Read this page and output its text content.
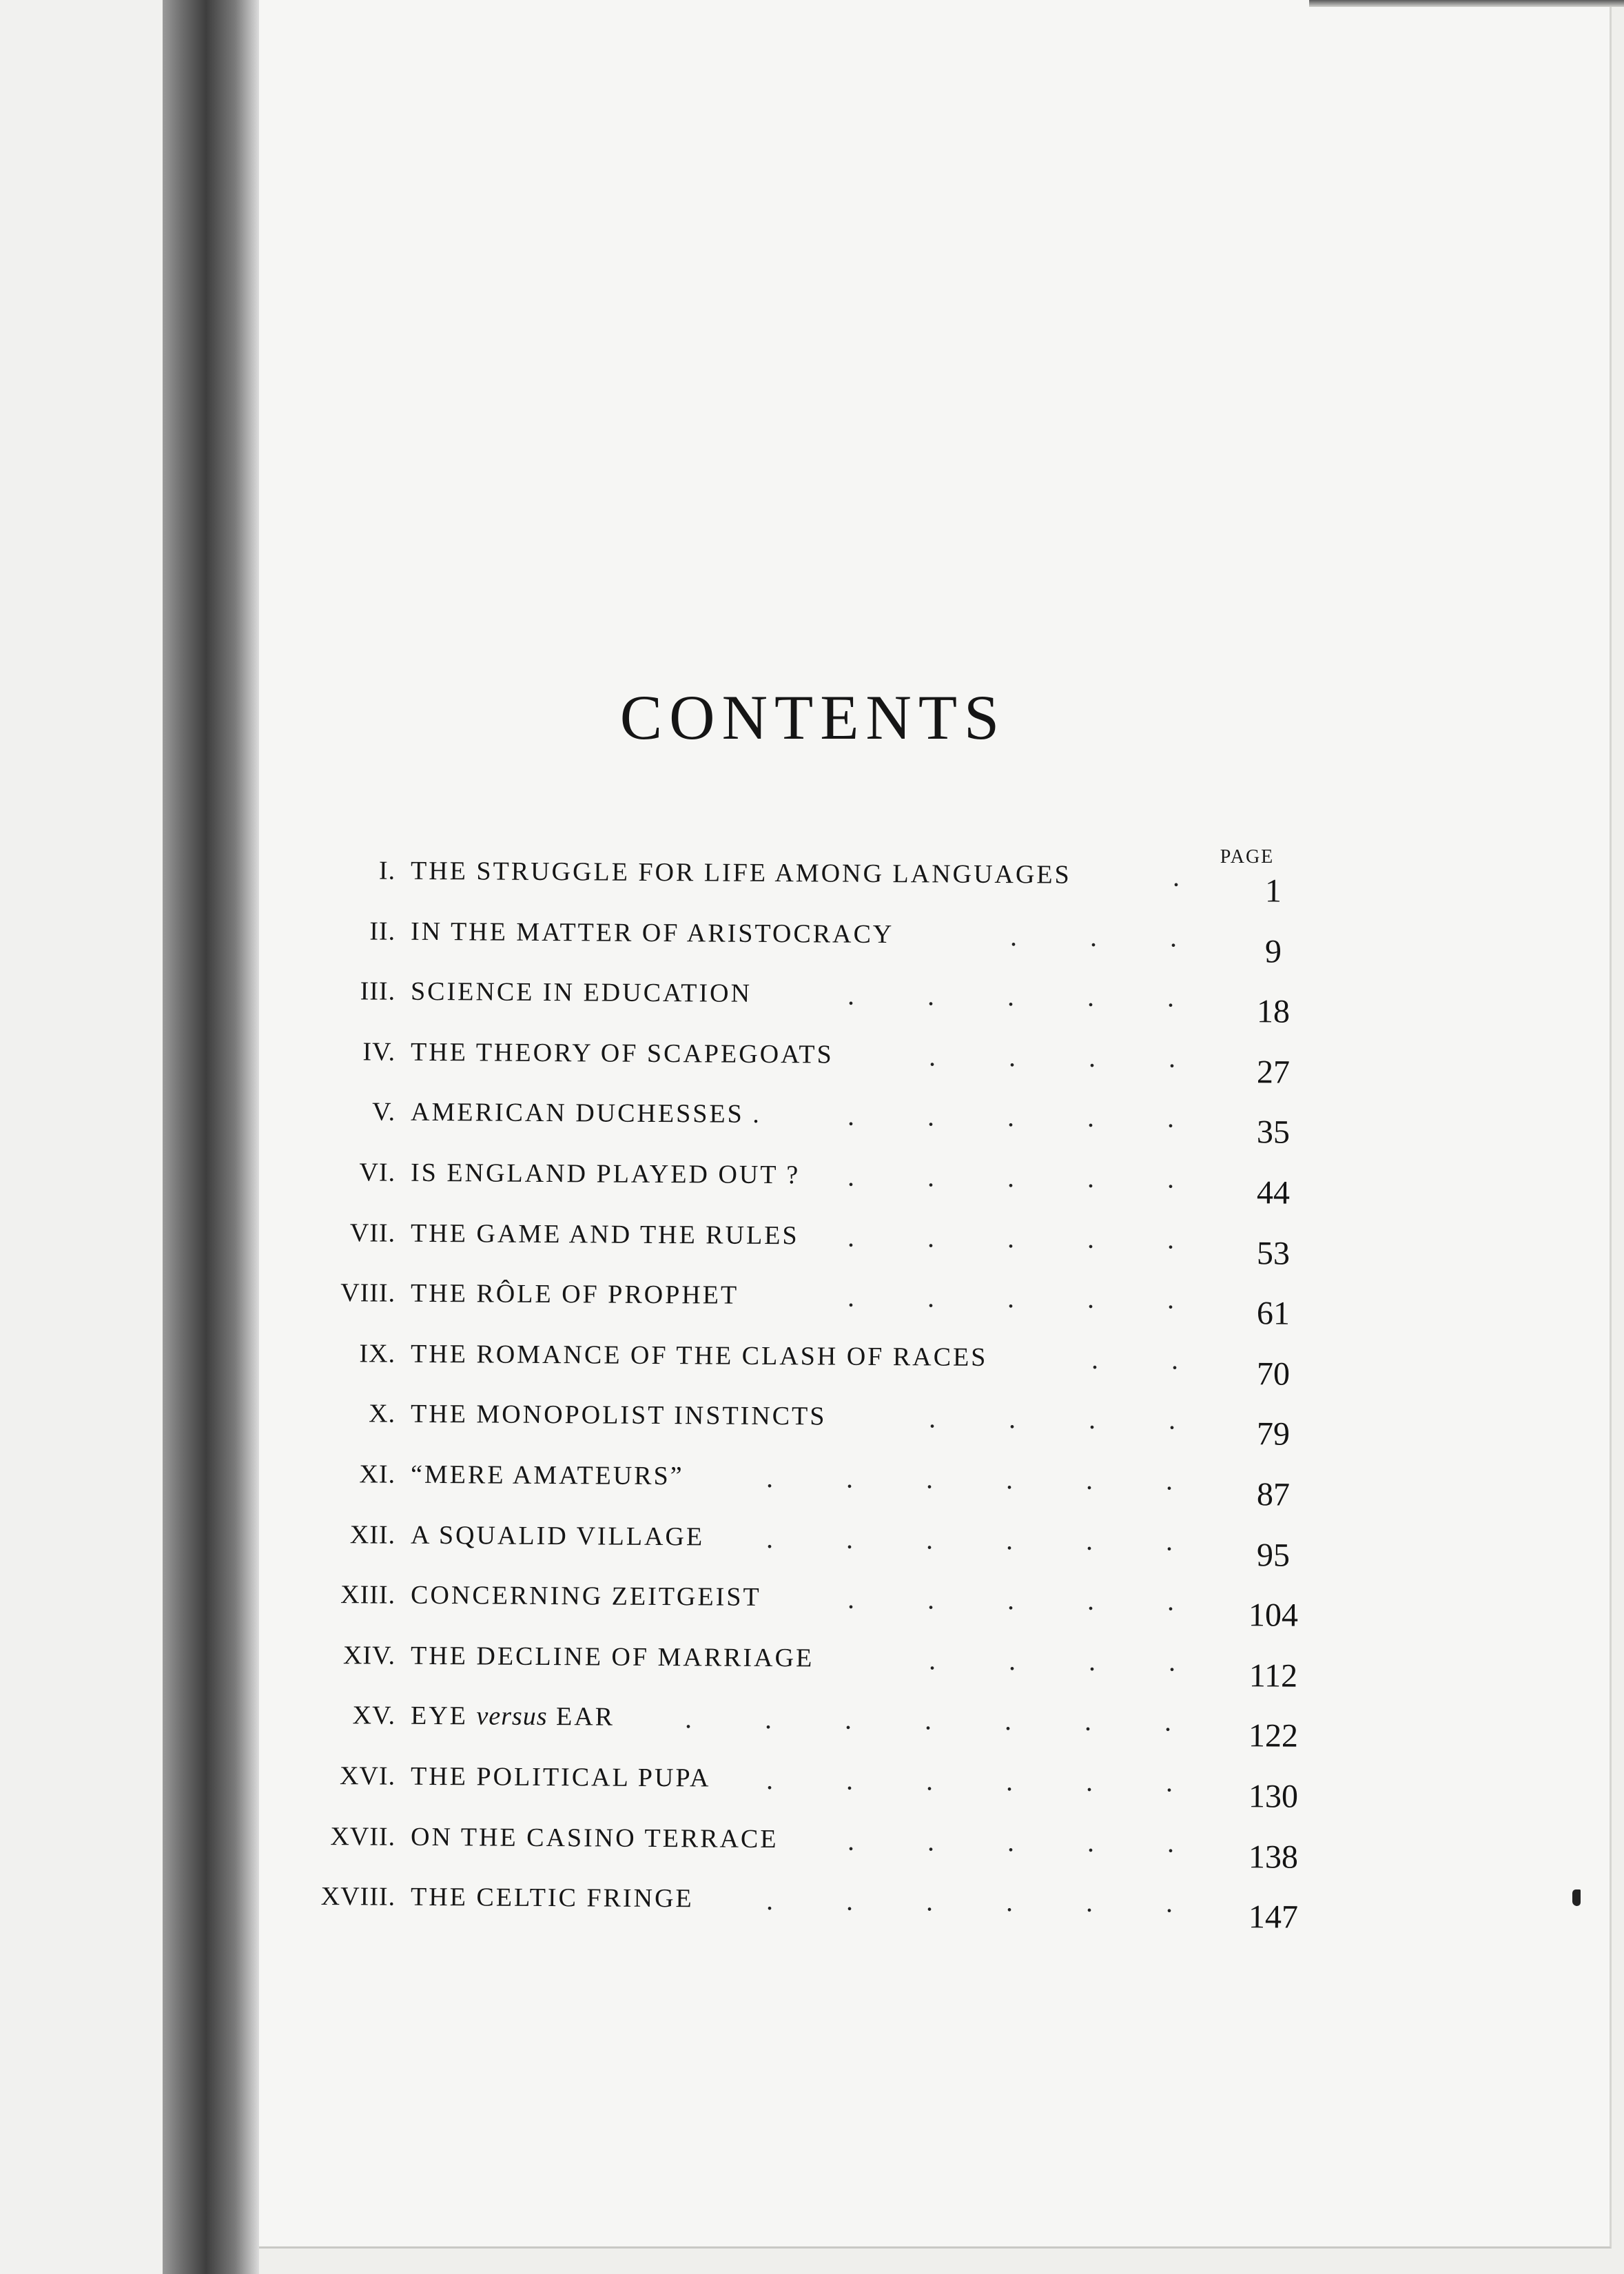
CONTENTS
PAGE
I. THE STRUGGLE FOR LIFE AMONG LANGUAGES	. 1
II. IN THE MATTER OF ARISTOCRACY	... 9
III. SCIENCE IN EDUCATION	..... 18
IV. THE THEORY OF SCAPEGOATS	.... 27
V. AMERICAN DUCHESSES .	..... 35
VI. IS ENGLAND PLAYED OUT ? ..... 44
VII. THE GAME AND THE RULES ..... 53
VIII. THE RÔLE OF PROPHET	..... 61
IX. THE ROMANCE OF THE CLASH OF RACES	.. 70
X. THE MONOPOLIST INSTINCTS	.... 79
XI. “MERE AMATEURS”	...... 87
XII. A SQUALID VILLAGE ...... 95
XIII. CONCERNING ZEITGEIST	..... 104
XIV. THE DECLINE OF MARRIAGE	.... 112
XV. EYE versus EAR	....... 122
XVI. THE POLITICAL PUPA ...... 130
XVII. ON THE CASINO TERRACE	..... 138
XVIII. THE CELTIC FRINGE	...... 147
